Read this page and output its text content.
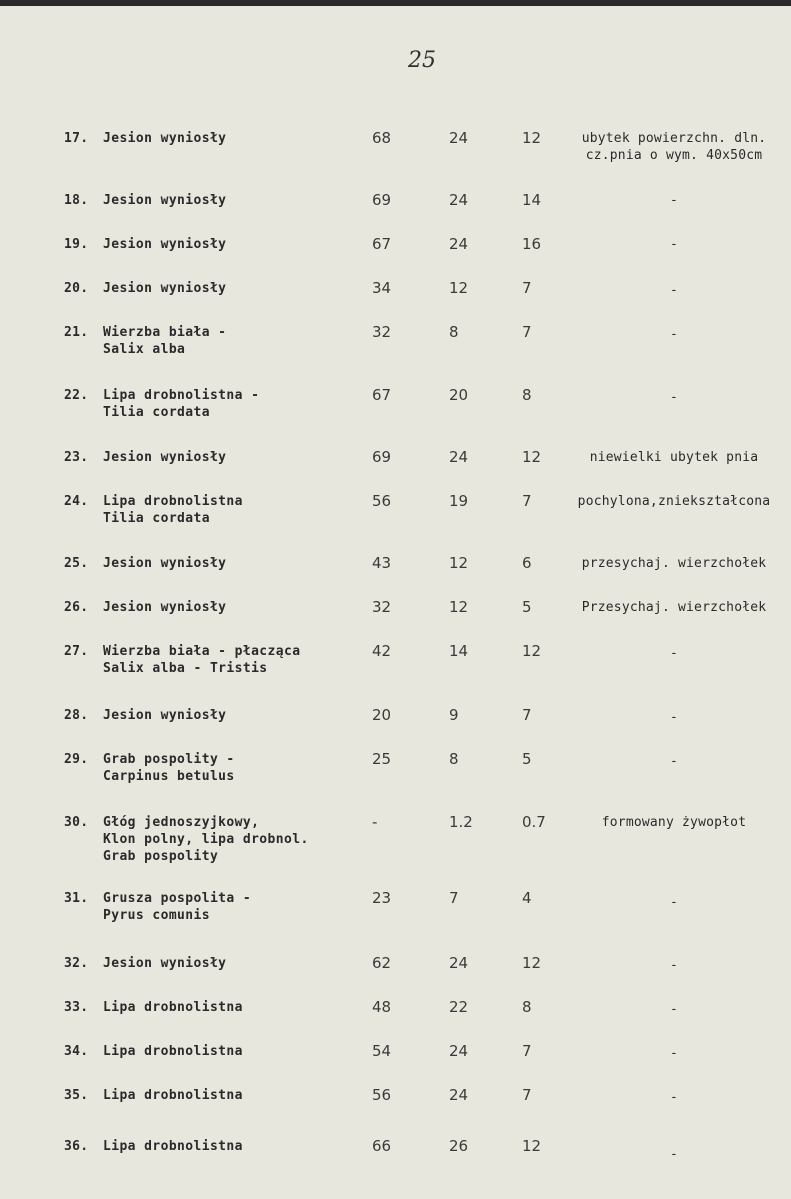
25
17. Jesion wyniosły	68	24	12	ubytek powierzchn. dln.
cz.pnia o wym. 40x50cm
18. Jesion wyniosły	69	24	14	-
19. Jesion wyniosły	67	24	16	-
20. Jesion wyniosły	34	12	7	-
21. Wierzba biała -
Salix alba
32	8	7	-
22. Lipa drobnolistna -
Tilia cordata
67	20	8	-
23. Jesion wyniosły	69	24	12	niewielki ubytek pnia
24. Lipa drobnolistna
Tilia cordata
56	19	7	pochylona,zniekształcona
25. Jesion wyniosły	43	12	6	przesychaj. wierzchołek
26. Jesion wyniosły	32	12	5	Przesychaj. wierzchołek
27. Wierzba biała - płacząca
Salix alba - Tristis
42	14	12	-
28. Jesion wyniosły	20	9	7	-
29. Grab pospolity -
Carpinus betulus
25	8	5	-
30. Głóg jednoszyjkowy,
Klon polny, lipa drobnol.
Grab pospolity
-	1.2	0.7	formowany żywopłot
31. Grusza pospolita -
Pyrus comunis
23	7	4	-
32. Jesion wyniosły	62	24	12	-
33. Lipa drobnolistna	48	22	8	-
34. Lipa drobnolistna	54	24	7	-
35. Lipa drobnolistna	56	24	7	-
36. Lipa drobnolistna	66	26	12	-
